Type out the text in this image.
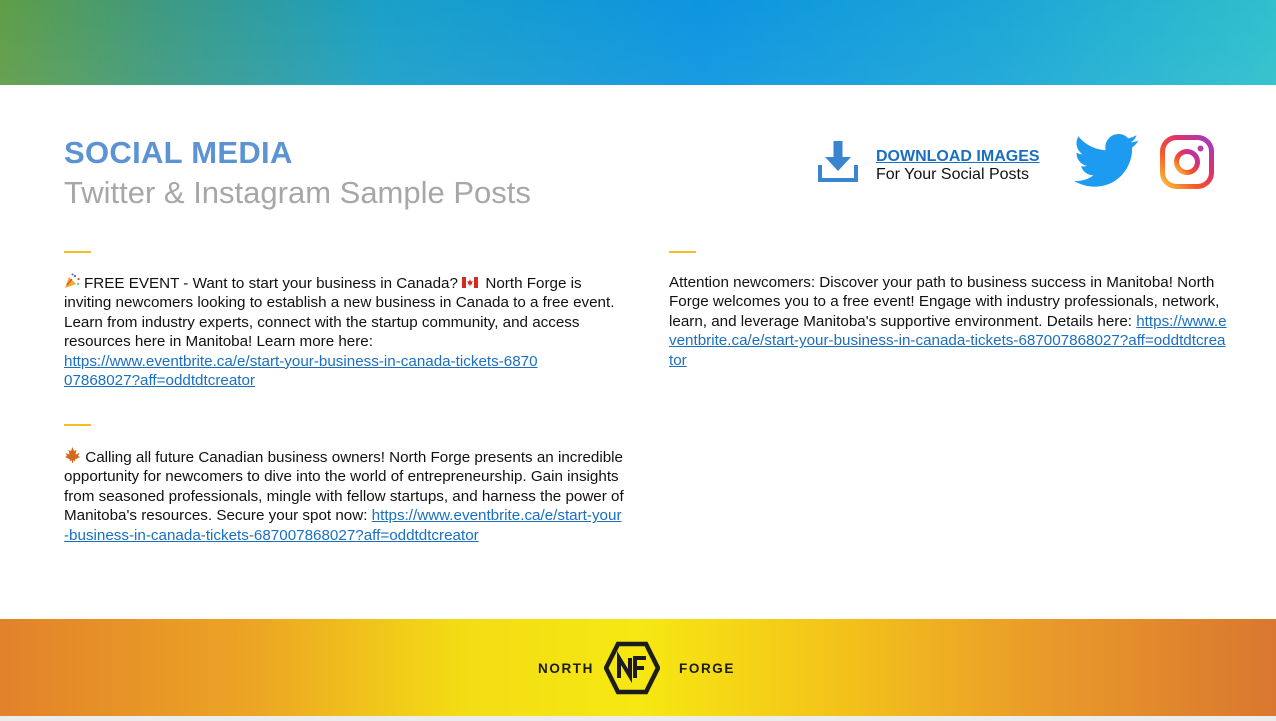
SOCIAL MEDIA
Twitter & Instagram Sample Posts
DOWNLOAD IMAGES
For Your Social Posts

FREE EVENT - Want to start your business in Canada?  North Forge is inviting newcomers looking to establish a new business in Canada to a free event. Learn from industry experts, connect with the startup community, and access resources here in Manitoba! Learn more here:
https://www.eventbrite.ca/e/start-your-business-in-canada-tickets-687007868027?aff=oddtdtcreator

Attention newcomers: Discover your path to business success in Manitoba! North Forge welcomes you to a free event! Engage with industry professionals, network, learn, and leverage Manitoba's supportive environment. Details here: https://www.eventbrite.ca/e/start-your-business-in-canada-tickets-687007868027?aff=oddtdtcreator

Calling all future Canadian business owners! North Forge presents an incredible opportunity for newcomers to dive into the world of entrepreneurship. Gain insights from seasoned professionals, mingle with fellow startups, and harness the power of Manitoba's resources. Secure your spot now: https://www.eventbrite.ca/e/start-your-business-in-canada-tickets-687007868027?aff=oddtdtcreator

NORTH
NF
FORGE
